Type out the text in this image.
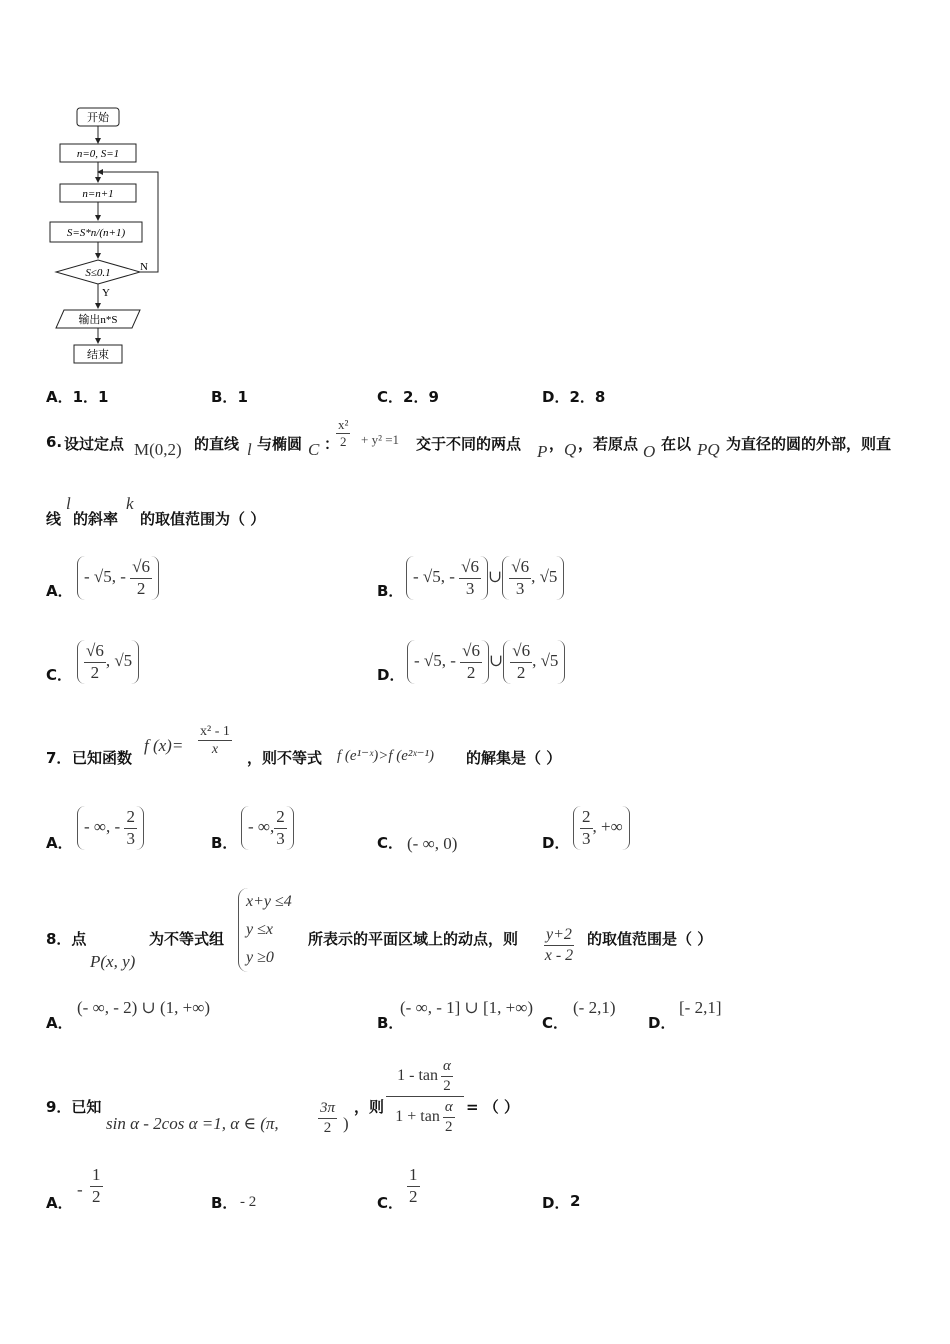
开始
n=0, S=1
n=n+1
S=S*n/(n+1)
S≤0.1	N
Y
输出n*S
结束
A．1．1	B．1	C．2．9	D．2．8
6. 设过定点 M(0,2) 的直线 l 与椭圆 C ：
$\frac{\text{x²}}{2} + y^2 =1$ 交于不同的两点 P ， Q ，若原点 O 在以 PQ 为直径的圆的外部，则直
线
l
的斜率
k
的取值范围为（ ）
A．
- √5, - $\frac{√6}{2}$	B．
- √5, - $\frac{√6}{3}$ ∪ $\frac{√6}{3}$ , √5
C． $\frac{√6}{2}$ , √5
D．
- √5, - $\frac{√6}{2}$ ∪ $\frac{√6}{2}$ , √5
7． 已知函数
f $(x)= \frac{\text{x² - 1}}{x}$
，则不等式 f (e¹⁻ˣ)>f (e²ˣ⁻¹) 的解集是（ ）
A．
- ∞, - $\frac{2}{3}$	B．
- ∞, $\frac{2}{3}$	C． (- ∞, 0)	D． $\frac{2}{3}$ , +∞
8．点
P(x, y)
为不等式组
x+y ≤4
y ≤x
y ≥0
所表示的平面区域上的动点，则 $\frac{y+2}{x - 2}$ 的取值范围是（ ）
A．
(- ∞, - 2) ∪ (1, +∞)
B．
(- ∞, - 1] ∪ [1, +∞)
C．
(- 2,1)
D．
[- 2,1]
9．已知
sin α - 2cos α =1, α ∈ (π,	$\frac{3\pi}{2}$ )
，则
$1 - \tan \frac{\alpha}{2}$
$1 + \tan \frac{\alpha}{2}$ = （ ）
A．
- $\frac{1}{2}$	B． - 2	C． $\frac{1}{2}$	D． 2
